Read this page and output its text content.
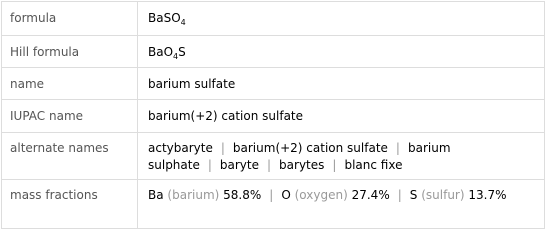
formula	BaSO$_4$

Hill formula	BaO$_4$S

name	barium sulfate

IUPAC name	barium(+2) cation sulfate

alternate names	actybaryte | barium(+2) cation sulfate | barium sulphate | baryte | barytes | blanc fixe

mass fractions	Ba (barium) 58.8% | O (oxygen) 27.4% | S (sulfur) 13.7%
